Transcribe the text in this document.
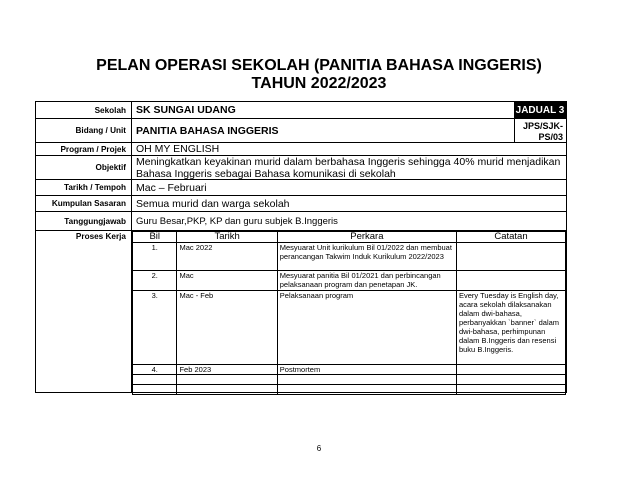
PELAN OPERASI SEKOLAH (PANITIA BAHASA INGGERIS)
TAHUN 2022/2023
Sekolah SK SUNGAI UDANG	JADUAL 3
Bidang / Unit PANITIA BAHASA INGGERIS	JPS/SJK-
PS/03
Program / Projek OH MY ENGLISH
Objektif Meningkatkan keyakinan murid dalam berbahasa Inggeris sehingga 40% murid menjadikan Bahasa Inggeris sebagai Bahasa komunikasi di sekolah
Tarikh / Tempoh Mac – Februari
Kumpulan Sasaran Semua murid dan warga sekolah
Tanggungjawab	Guru Besar,PKP, KP dan guru subjek B.Inggeris
Proses Kerja	Bil	Tarikh	Perkara	Catatan
1.	Mac 2022	Mesyuarat Unit kurikulum Bil 01/2022 dan membuat perancangan Takwim Induk Kurikulum 2022/2023	
2.	Mac	Mesyuarat panitia Bil 01/2021 dan perbincangan pelaksanaan program dan penetapan JK.	
3.	Mac - Feb	Pelaksanaan program	Every Tuesday is English day, acara sekolah dilaksanakan dalam dwi-bahasa, perbanyakkan `banner` dalam dwi-bahasa, perhimpunan dalam B.Inggeris dan resensi buku B.Inggeris.
4.	Feb 2023	Postmortem	

6
